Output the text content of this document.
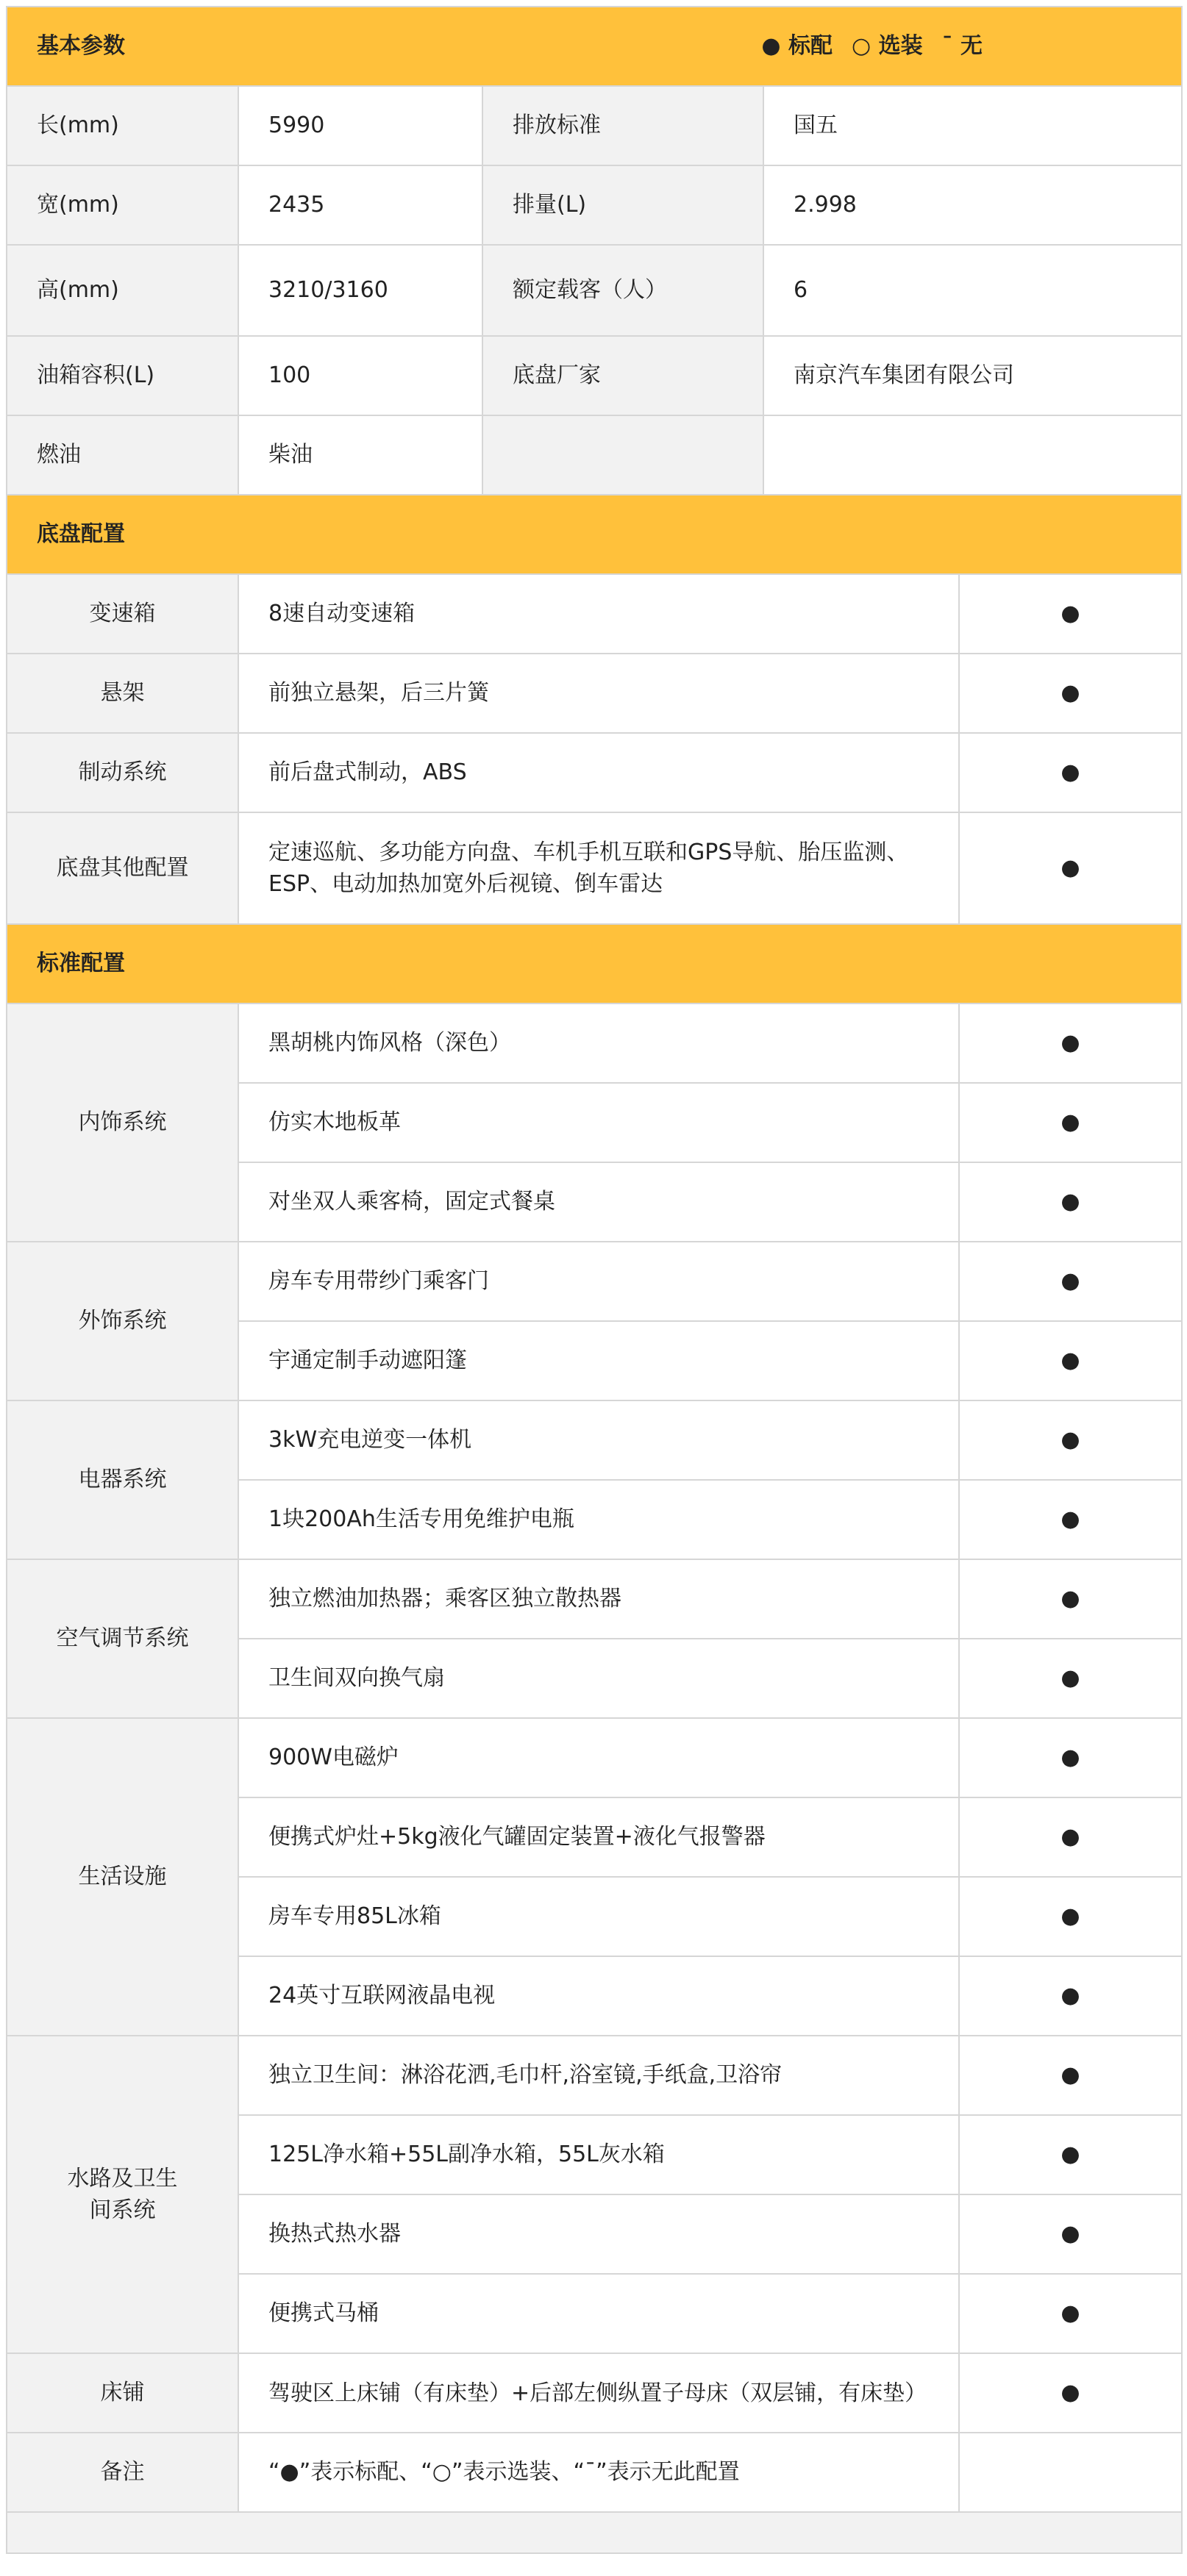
基本参数 ● 标配 ○ 选装 ¯ 无				

长(mm)	5990	排放标准	国五	
宽(mm)	2435	排量(L)	2.998	
高(mm)	3210/3160	额定载客（人）	6	
油箱容积(L)	100	底盘厂家	南京汽车集团有限公司	
燃油	柴油			
底盘配置				
变速箱	8速自动变速箱			●
悬架	前独立悬架，后三片簧			●
制动系统	前后盘式制动，ABS			●
底盘其他配置	定速巡航、多功能方向盘、车机手机互联和GPS导航、胎压监测、ESP、电动加热加宽外后视镜、倒车雷达			●
标准配置				
内饰系统	黑胡桃内饰风格（深色）			●
	仿实木地板革			●
	对坐双人乘客椅，固定式餐桌			●
外饰系统	房车专用带纱门乘客门			●
	宇通定制手动遮阳篷			●
电器系统	3kW充电逆变一体机			●
	1块200Ah生活专用免维护电瓶			●
空气调节系统	独立燃油加热器；乘客区独立散热器			●
	卫生间双向换气扇			●
生活设施	900W电磁炉			●
	便携式炉灶+5kg液化气罐固定装置+液化气报警器			●
	房车专用85L冰箱			●
	24英寸互联网液晶电视			●
水路及卫生间系统	独立卫生间：淋浴花洒,毛巾杆,浴室镜,手纸盒,卫浴帘			●
	125L净水箱+55L副净水箱，55L灰水箱			●
	换热式热水器			●
	便携式马桶			●
床铺	驾驶区上床铺（有床垫）+后部左侧纵置子母床（双层铺，有床垫）			●
备注	“●”表示标配、“○”表示选装、“¯”表示无此配置			
